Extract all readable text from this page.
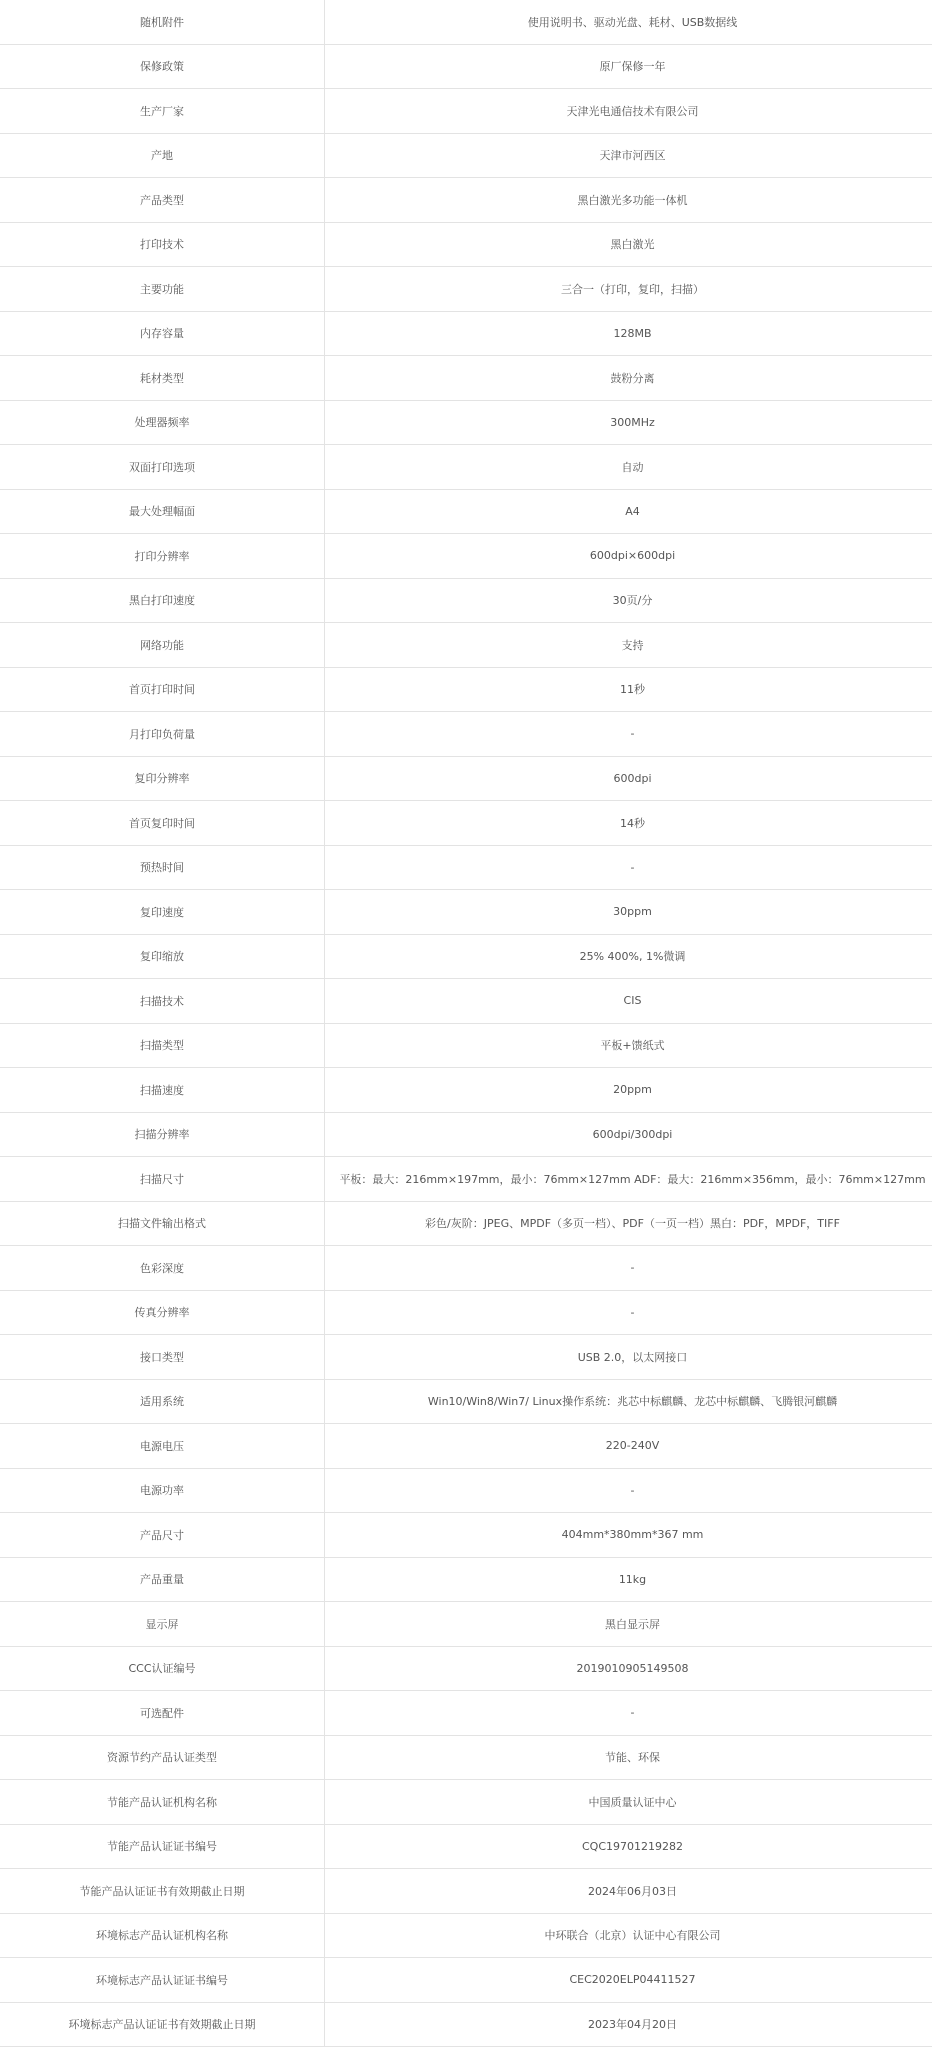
随机附件	使用说明书、驱动光盘、耗材、USB数据线
保修政策	原厂保修一年
生产厂家	天津光电通信技术有限公司
产地	天津市河西区
产品类型	黑白激光多功能一体机
打印技术	黑白激光
主要功能	三合一（打印，复印，扫描）
内存容量	128MB
耗材类型	鼓粉分离
处理器频率	300MHz
双面打印选项	自动
最大处理幅面	A4
打印分辨率	600dpi×600dpi
黑白打印速度	30页/分
网络功能	支持
首页打印时间	11秒
月打印负荷量	-
复印分辨率	600dpi
首页复印时间	14秒
预热时间	-
复印速度	30ppm
复印缩放	25% 400%, 1%微调
扫描技术	CIS
扫描类型	平板+馈纸式
扫描速度	20ppm
扫描分辨率	600dpi/300dpi
扫描尺寸	平板：最大：216mm×197mm，最小：76mm×127mm ADF：最大：216mm×356mm，最小：76mm×127mm
扫描文件输出格式	彩色/灰阶：JPEG、MPDF（多页一档）、PDF（一页一档）黑白：PDF，MPDF，TIFF
色彩深度	-
传真分辨率	-
接口类型	USB 2.0，以太网接口
适用系统	Win10/Win8/Win7/ Linux操作系统：兆芯中标麒麟、龙芯中标麒麟、飞腾银河麒麟
电源电压	220-240V
电源功率	-
产品尺寸	404mm*380mm*367 mm
产品重量	11kg
显示屏	黑白显示屏
CCC认证编号	2019010905149508
可选配件	-
资源节约产品认证类型	节能、环保
节能产品认证机构名称	中国质量认证中心
节能产品认证证书编号	CQC19701219282
节能产品认证证书有效期截止日期	2024年06月03日
环境标志产品认证机构名称	中环联合（北京）认证中心有限公司
环境标志产品认证证书编号	CEC2020ELP04411527
环境标志产品认证证书有效期截止日期	2023年04月20日
